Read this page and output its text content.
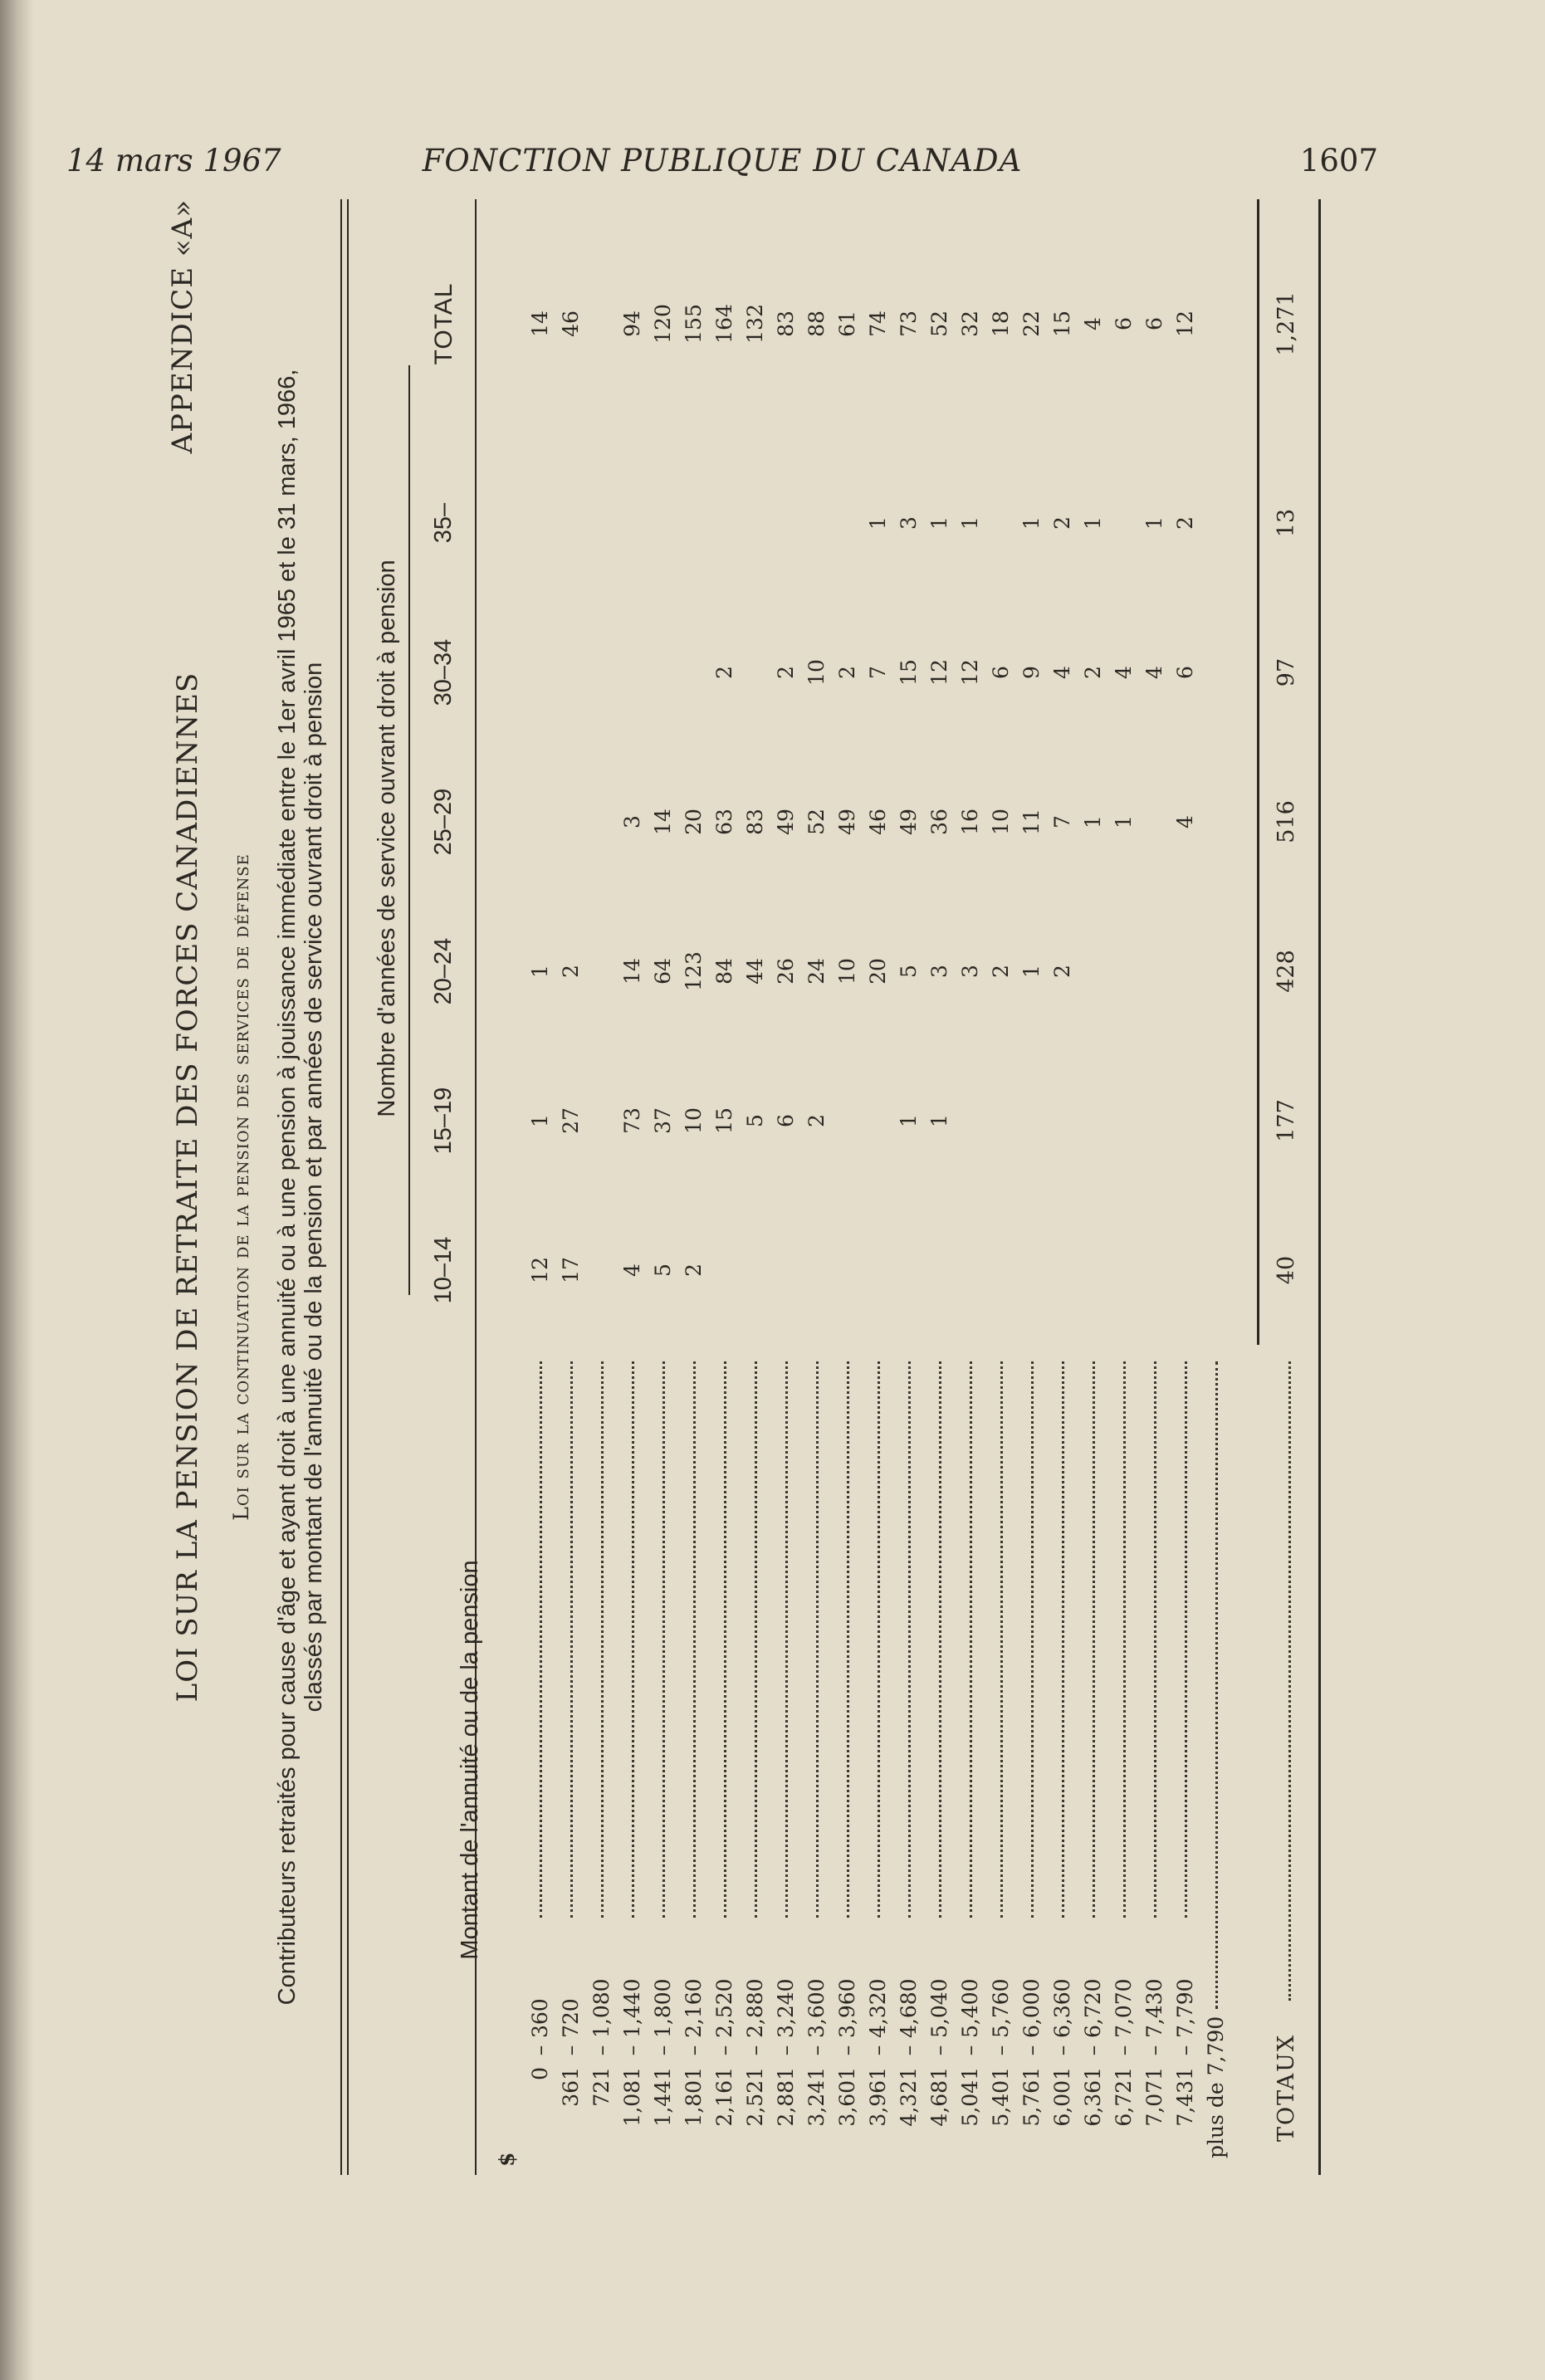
14 mars 1967	FONCTION PUBLIQUE DU CANADA	1607
APPENDICE «A»
LOI SUR LA PENSION DE RETRAITE DES FORCES CANADIENNES Loi sur la continuation de la pension des services de défense Contributeurs retraités pour cause d'âge et ayant droit à une annuité ou à une pension à jouissance immédiate entre le 1er avril 1965 et le 31 mars, 1966, classés par montant de l'annuité ou de la pension et par années de service ouvrant droit à pension Nombre d'années de service ouvrant droit à pension
Montant de l'annuité ou de la pension
10–14
15–19
20–24
25–29
30–34
35–
TOTAL
$
0
–
360
12
1
1
14
361
–
720
17
27
2
46
721
–
1,080
1,081
–
1,440
4
73
14
3
94
1,441
–
1,800
5
37
64
14
120
1,801
–
2,160
2
10
123
20
155
2,161
–
2,520
15
84
63
2
164
2,521
–
2,880
5
44
83
132
2,881
–
3,240
6
26
49
2
83
3,241
–
3,600
2
24
52
10
88
3,601
–
3,960
10
49
2
61
3,961
–
4,320
20
46
7
1
74
4,321
–
4,680
1
5
49
15
3
73
4,681
–
5,040
1
3
36
12
1
52
5,041
–
5,400
3
16
12
1
32
5,401
–
5,760
2
10
6
18
5,761
–
6,000
1
11
9
1
22
6,001
–
6,360
2
7
4
2
15
6,361
–
6,720
1
2
1
4
6,721
–
7,070
1
4
6
7,071
–
7,430
4
1
6
7,431
–
7,790
4
6
2
12
plus de 7,790 TOTAUX
40
177
428
516
97
13
1,271
